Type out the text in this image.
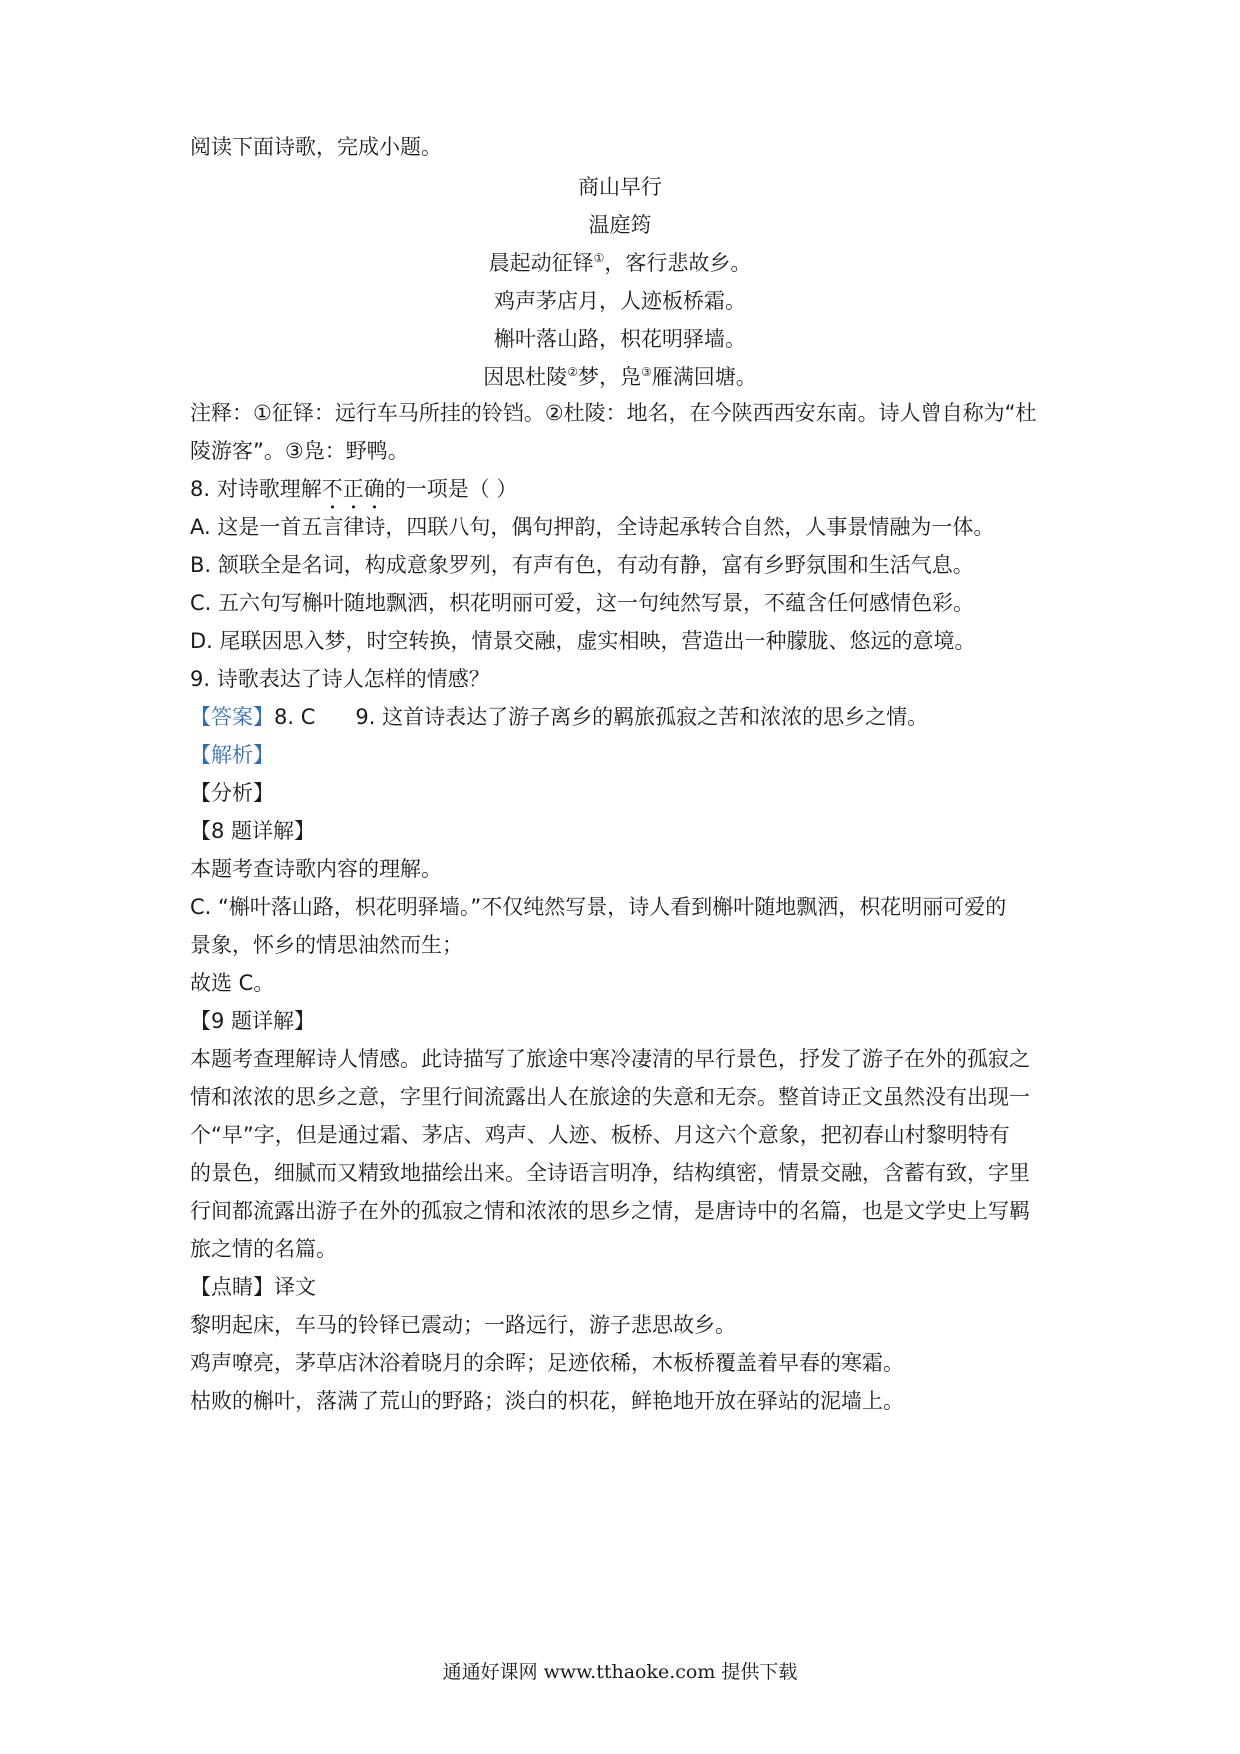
阅读下面诗歌，完成小题。
商山早行
温庭筠
晨起动征铎①，客行悲故乡。
鸡声茅店月，人迹板桥霜。
槲叶落山路，枳花明驿墙。
因思杜陵②梦，凫③雁满回塘。
注释：①征铎：远行车马所挂的铃铛。②杜陵：地名，在今陕西西安东南。诗人曾自称为“杜
陵游客”。③凫：野鸭。
8. 对诗歌理解不正确的一项是（ ）
A. 这是一首五言律诗，四联八句，偶句押韵，全诗起承转合自然，人事景情融为一体。
B. 颔联全是名词，构成意象罗列，有声有色，有动有静，富有乡野氛围和生活气息。
C. 五六句写槲叶随地飘洒，枳花明丽可爱，这一句纯然写景，不蕴含任何感情色彩。
D. 尾联因思入梦，时空转换，情景交融，虚实相映，营造出一种朦胧、悠远的意境。
9. 诗歌表达了诗人怎样的情感？
【答案】8. C 9. 这首诗表达了游子离乡的羁旅孤寂之苦和浓浓的思乡之情。
【解析】
【分析】
【8 题详解】
本题考查诗歌内容的理解。
C. “槲叶落山路，枳花明驿墙。”不仅纯然写景，诗人看到槲叶随地飘洒，枳花明丽可爱的
景象，怀乡的情思油然而生；
故选 C。
【9 题详解】
本题考查理解诗人情感。此诗描写了旅途中寒冷凄清的早行景色，抒发了游子在外的孤寂之
情和浓浓的思乡之意，字里行间流露出人在旅途的失意和无奈。整首诗正文虽然没有出现一
个“早”字，但是通过霜、茅店、鸡声、人迹、板桥、月这六个意象，把初春山村黎明特有
的景色，细腻而又精致地描绘出来。全诗语言明净，结构缜密，情景交融，含蓄有致，字里
行间都流露出游子在外的孤寂之情和浓浓的思乡之情，是唐诗中的名篇，也是文学史上写羁
旅之情的名篇。
【点睛】译文
黎明起床，车马的铃铎已震动；一路远行，游子悲思故乡。
鸡声嘹亮，茅草店沐浴着晓月的余晖；足迹依稀，木板桥覆盖着早春的寒霜。
枯败的槲叶，落满了荒山的野路；淡白的枳花，鲜艳地开放在驿站的泥墙上。
通通好课网 www.tthaoke.com 提供下载
